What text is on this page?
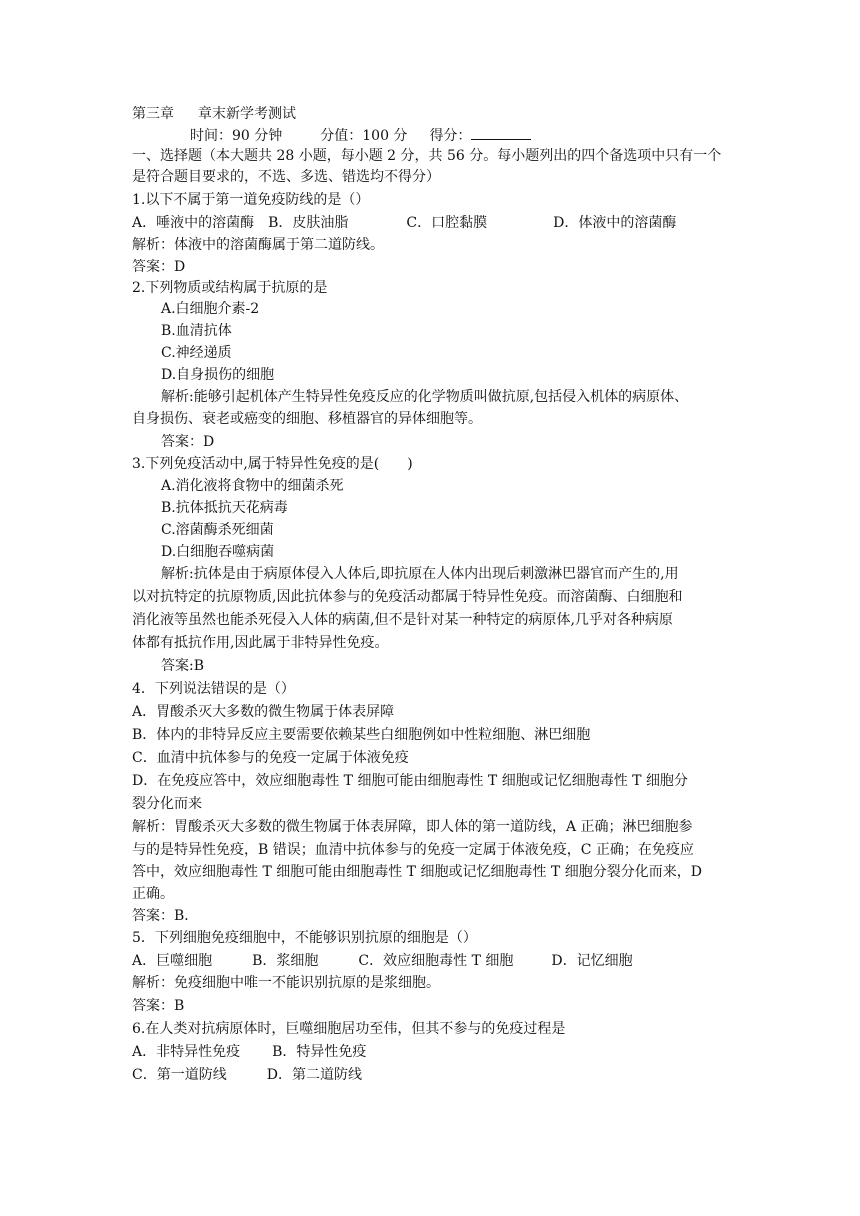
第三章 章末新学考测试
时间：90 分钟	分值：100 分 得分：
一、选择题（本大题共 28 小题，每小题 2 分，共 56 分。每小题列出的四个备选项中只有一个
是符合题目要求的，不选、多选、错选均不得分）
1.以下不属于第一道免疫防线的是（）
A．唾液中的溶菌酶 B．皮肤油脂	C．口腔黏膜	D．体液中的溶菌酶
解析：体液中的溶菌酶属于第二道防线。
答案：D
2.下列物质或结构属于抗原的是
A.白细胞介素-2
B.血清抗体
C.神经递质
D.自身损伤的细胞
解析:能够引起机体产生特异性免疫反应的化学物质叫做抗原,包括侵入机体的病原体、
自身损伤、衰老或癌变的细胞、移植器官的异体细胞等。
答案：D
3.下列免疫活动中,属于特异性免疫的是(　　)
A.消化液将食物中的细菌杀死
B.抗体抵抗天花病毒
C.溶菌酶杀死细菌
D.白细胞吞噬病菌
解析:抗体是由于病原体侵入人体后,即抗原在人体内出现后刺激淋巴器官而产生的,用
以对抗特定的抗原物质,因此抗体参与的免疫活动都属于特异性免疫。而溶菌酶、白细胞和
消化液等虽然也能杀死侵入人体的病菌,但不是针对某一种特定的病原体,几乎对各种病原
体都有抵抗作用,因此属于非特异性免疫。
答案:B
4．下列说法错误的是（）
A．胃酸杀灭大多数的微生物属于体表屏障
B．体内的非特异反应主要需要依赖某些白细胞例如中性粒细胞、淋巴细胞
C．血清中抗体参与的免疫一定属于体液免疫
D．在免疫应答中，效应细胞毒性 T 细胞可能由细胞毒性 T 细胞或记忆细胞毒性 T 细胞分
裂分化而来
解析：胃酸杀灭大多数的微生物属于体表屏障，即人体的第一道防线，A 正确；淋巴细胞参
与的是特异性免疫，B 错误；血清中抗体参与的免疫一定属于体液免疫，C 正确；在免疫应
答中，效应细胞毒性 T 细胞可能由细胞毒性 T 细胞或记忆细胞毒性 T 细胞分裂分化而来，D
正确。
答案：B．
5．下列细胞免疫细胞中，不能够识别抗原的细胞是（）
A．巨噬细胞	B．浆细胞	C．效应细胞毒性 T 细胞	D．记忆细胞
解析：免疫细胞中唯一不能识别抗原的是浆细胞。
答案：B
6.在人类对抗病原体时，巨噬细胞居功至伟，但其不参与的免疫过程是
A．非特异性免疫 B．特异性免疫
C．第一道防线	D．第二道防线
